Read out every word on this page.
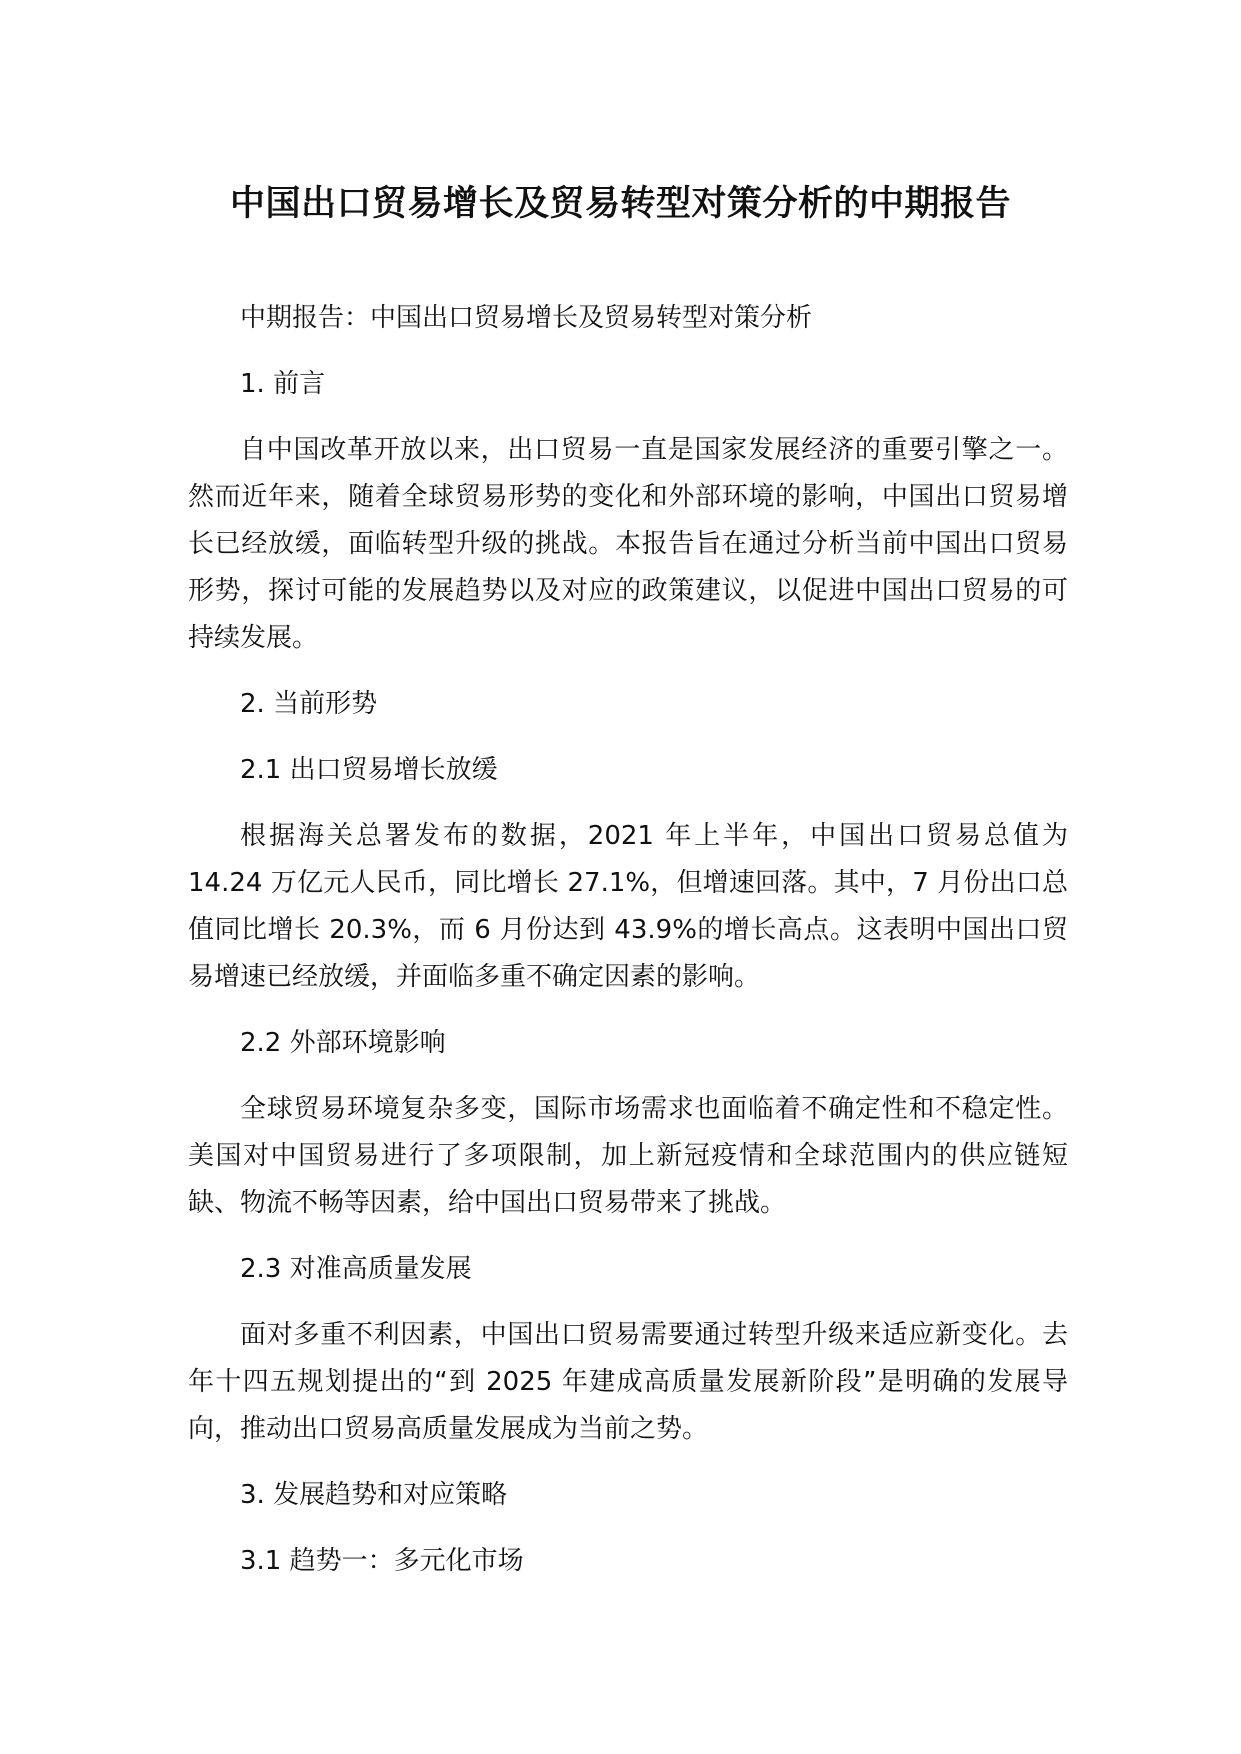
中国出口贸易增长及贸易转型对策分析的中期报告

中期报告：中国出口贸易增长及贸易转型对策分析

1. 前言

自中国改革开放以来，出口贸易一直是国家发展经济的重要引擎之一。然而近年来，随着全球贸易形势的变化和外部环境的影响，中国出口贸易增长已经放缓，面临转型升级的挑战。本报告旨在通过分析当前中国出口贸易形势，探讨可能的发展趋势以及对应的政策建议，以促进中国出口贸易的可持续发展。

2. 当前形势

2.1 出口贸易增长放缓

根据海关总署发布的数据，2021 年上半年，中国出口贸易总值为 14.24 万亿元人民币，同比增长 27.1%，但增速回落。其中，7 月份出口总值同比增长 20.3%，而 6 月份达到 43.9%的增长高点。这表明中国出口贸易增速已经放缓，并面临多重不确定因素的影响。

2.2 外部环境影响

全球贸易环境复杂多变，国际市场需求也面临着不确定性和不稳定性。美国对中国贸易进行了多项限制，加上新冠疫情和全球范围内的供应链短缺、物流不畅等因素，给中国出口贸易带来了挑战。

2.3 对准高质量发展

面对多重不利因素，中国出口贸易需要通过转型升级来适应新变化。去年十四五规划提出的“到 2025 年建成高质量发展新阶段”是明确的发展导向，推动出口贸易高质量发展成为当前之势。

3. 发展趋势和对应策略

3.1 趋势一：多元化市场
